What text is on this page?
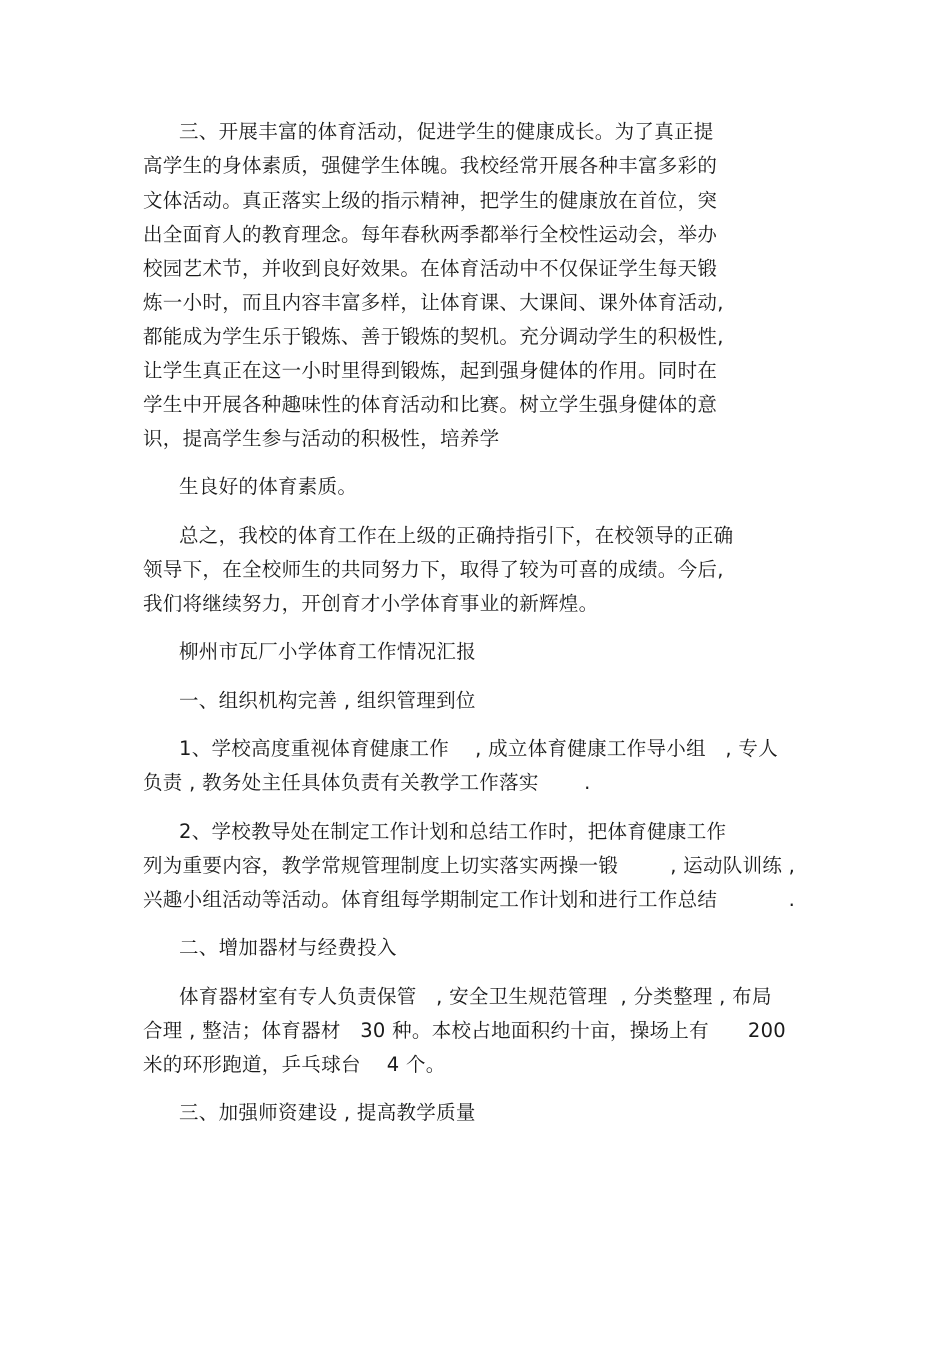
三、开展丰富的体育活动，促进学生的健康成长。为了真正提
高学生的身体素质，强健学生体魄。我校经常开展各种丰富多彩的
文体活动。真正落实上级的指示精神，把学生的健康放在首位，突
出全面育人的教育理念。每年春秋两季都举行全校性运动会，举办
校园艺术节，并收到良好效果。在体育活动中不仅保证学生每天锻
炼一小时，而且内容丰富多样，让体育课、大课间、课外体育活动,
都能成为学生乐于锻炼、善于锻炼的契机。充分调动学生的积极性,
让学生真正在这一小时里得到锻炼，起到强身健体的作用。同时在
学生中开展各种趣味性的体育活动和比赛。树立学生强身健体的意
识，提高学生参与活动的积极性，培养学
生良好的体育素质。
总之，我校的体育工作在上级的正确持指引下，在校领导的正确
领导下，在全校师生的共同努力下，取得了较为可喜的成绩。今后,
我们将继续努力，开创育才小学体育事业的新辉煌。
柳州市瓦厂小学体育工作情况汇报
一、组织机构完善 , 组织管理到位
1、学校高度重视体育健康工作    , 成立体育健康工作导小组   , 专人
负责 , 教务处主任具体负责有关教学工作落实       .
2、学校教导处在制定工作计划和总结工作时，把体育健康工作
列为重要内容，教学常规管理制度上切实落实两操一锻        , 运动队训练 ,
兴趣小组活动等活动。体育组每学期制定工作计划和进行工作总结           .
二、增加器材与经费投入
体育器材室有专人负责保管   , 安全卫生规范管理  , 分类整理 , 布局
合理 , 整洁；体育器材   30 种。本校占地面积约十亩，操场上有      200
米的环形跑道，乒乓球台    4 个。
三、加强师资建设 , 提高教学质量
